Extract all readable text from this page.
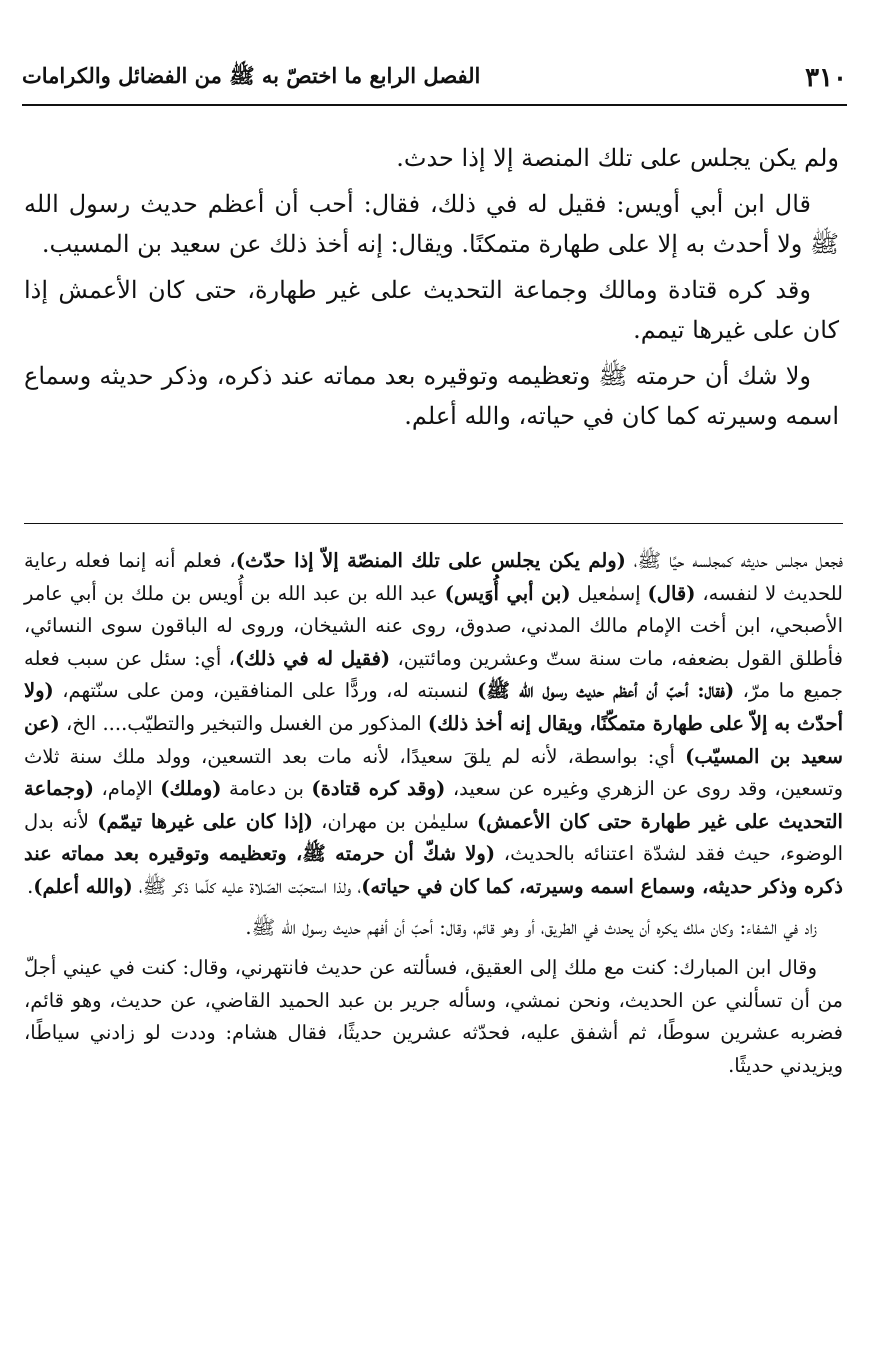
٣١٠
الفصل الرابع ما اختصّ به ﷺ من الفضائل والكرامات

ولم يكن يجلس على تلك المنصة إلا إذا حدث.

قال ابن أبي أويس: فقيل له في ذلك، فقال: أحب أن أعظم حديث رسول الله ﷺ ولا أحدث به إلا على طهارة متمكنًا. ويقال: إنه أخذ ذلك عن سعيد بن المسيب.

وقد كره قتادة ومالك وجماعة التحديث على غير طهارة، حتى كان الأعمش إذا كان على غيرها تيمم.

ولا شك أن حرمته ﷺ وتعظيمه وتوقيره بعد مماته عند ذكره، وذكر حديثه وسماع اسمه وسيرته كما كان في حياته، والله أعلم.

فجعل مجلس حديثه كمجلسه حيًا ﷺ، (ولم يكن يجلس على تلك المنصّة إلاّ إذا حدّث)، فعلم أنه إنما فعله رعاية للحديث لا لنفسه، (قال) إسمٰعيل (بن أبي أُوَيس) عبد الله بن عبد الله بن أُويس بن ملك بن أبي عامر الأصبحي، ابن أخت الإمام مالك المدني، صدوق، روى عنه الشيخان، وروى له الباقون سوى النسائي، فأطلق القول بضعفه، مات سنة ستّ وعشرين ومائتين، (فقيل له في ذلك)، أي: سئل عن سبب فعله جميع ما مرّ، (فقال: أحبّ أن أعظم حديث رسول الله ﷺ) لنسبته له، وردًّا على المنافقين، ومن على سنّتهم، (ولا أحدّث به إلاّ على طهارة متمكّنًا، ويقال إنه أخذ ذلك) المذكور من الغسل والتبخير والتطيّب.... الخ، (عن سعيد بن المسيّب) أي: بواسطة، لأنه لم يلقَ سعيدًا، لأنه مات بعد التسعين، وولد ملك سنة ثلاث وتسعين، وقد روى عن الزهري وغيره عن سعيد، (وقد كره قتادة) بن دعامة (وملك) الإمام، (وجماعة التحديث على غير طهارة حتى كان الأعمش) سليمٰن بن مهران، (إذا كان على غيرها تيمّم) لأنه بدل الوضوء، حيث فقد لشدّة اعتنائه بالحديث، (ولا شكّ أن حرمته ﷺ، وتعظيمه وتوقيره بعد مماته عند ذكره وذكر حديثه، وسماع اسمه وسيرته، كما كان في حياته)، ولذا استحبّت الصّلاة عليه كلّما ذكر ﷺ، (والله أعلم).

زاد في الشفاء: وكان ملك يكره أن يحدث في الطريق، أو وهو قائم، وقال: أحبّ أن أفهم حديث رسول الله ﷺ.

وقال ابن المبارك: كنت مع ملك إلى العقيق، فسألته عن حديث فانتهرني، وقال: كنت في عيني أجلّ من أن تسألني عن الحديث، ونحن نمشي، وسأله جرير بن عبد الحميد القاضي، عن حديث، وهو قائم، فضربه عشرين سوطًا، ثم أشفق عليه، فحدّثه عشرين حديثًا، فقال هشام: وددت لو زادني سياطًا، ويزيدني حديثًا.
